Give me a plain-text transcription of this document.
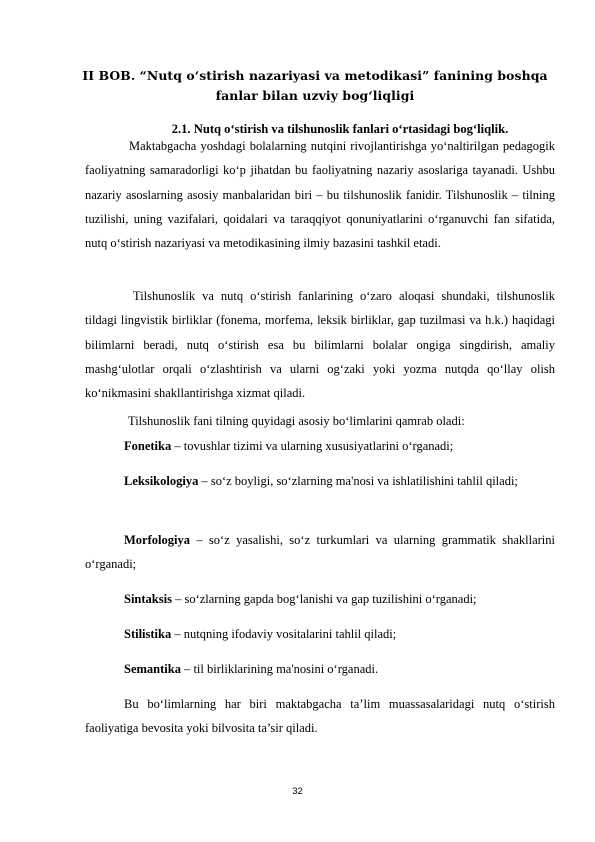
II BOB. “Nutq o‘stirish nazariyasi va metodikasi” fanining boshqa fanlar bilan uzviy bog‘liqligi
2.1. Nutq o‘stirish va tilshunoslik fanlari o‘rtasidagi bog‘liqlik.

Maktabgacha yoshdagi bolalarning nutqini rivojlantirishga yo‘naltirilgan pedagogik faoliyatning samaradorligi ko‘p jihatdan bu faoliyatning nazariy asoslariga tayanadi. Ushbu nazariy asoslarning asosiy manbalaridan biri – bu tilshunoslik fanidir. Tilshunoslik – tilning tuzilishi, uning vazifalari, qoidalari va taraqqiyot qonuniyatlarini o‘rganuvchi fan sifatida, nutq o‘stirish nazariyasi va metodikasining ilmiy bazasini tashkil etadi.

Tilshunoslik va nutq o‘stirish fanlarining o‘zaro aloqasi shundaki, tilshunoslik tildagi lingvistik birliklar (fonema, morfema, leksik birliklar, gap tuzilmasi va h.k.) haqidagi bilimlarni beradi, nutq o‘stirish esa bu bilimlarni bolalar ongiga singdirish, amaliy mashg‘ulotlar orqali o‘zlashtirish va ularni og‘zaki yoki yozma nutqda qo‘llay olish ko‘nikmasini shakllantirishga xizmat qiladi.

Tilshunoslik fani tilning quyidagi asosiy bo‘limlarini qamrab oladi:

Fonetika – tovushlar tizimi va ularning xususiyatlarini o‘rganadi;

Leksikologiya – so‘z boyligi, so‘zlarning ma'nosi va ishlatilishini tahlil qiladi;

Morfologiya – so‘z yasalishi, so‘z turkumlari va ularning grammatik shakllarini o‘rganadi;

Sintaksis – so‘zlarning gapda bog‘lanishi va gap tuzilishini o‘rganadi;

Stilistika – nutqning ifodaviy vositalarini tahlil qiladi;

Semantika – til birliklarining ma'nosini o‘rganadi.

Bu bo‘limlarning har biri maktabgacha ta’lim muassasalaridagi nutq o‘stirish faoliyatiga bevosita yoki bilvosita ta’sir qiladi.

32
